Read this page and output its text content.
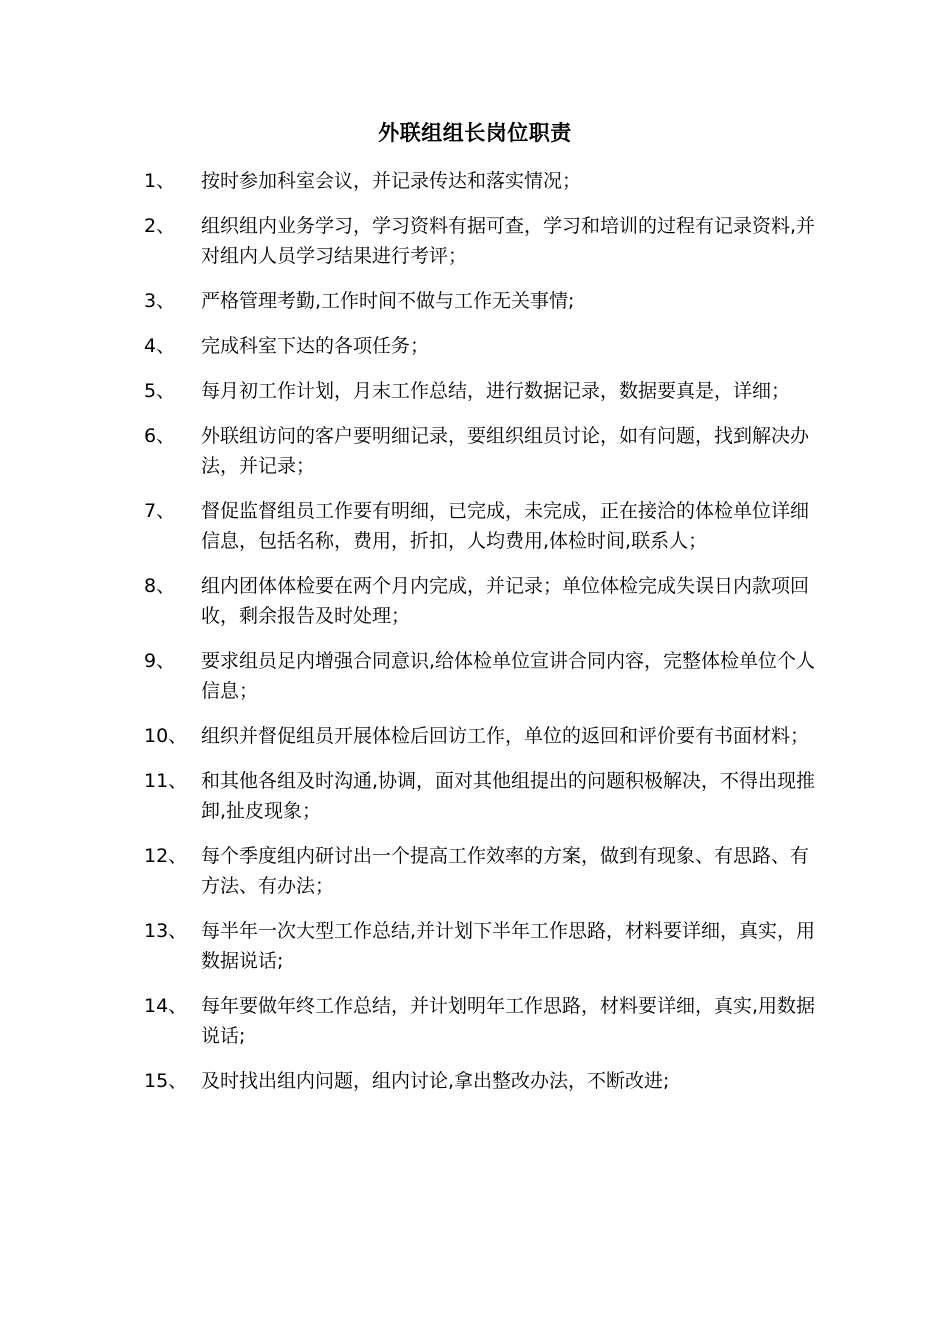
外联组组长岗位职责
1、	按时参加科室会议，并记录传达和落实情况；
2、	组织组内业务学习，学习资料有据可查，学习和培训的过程有记录资料,并对组内人员学习结果进行考评；
3、	严格管理考勤,工作时间不做与工作无关事情;
4、	完成科室下达的各项任务；
5、	每月初工作计划，月末工作总结，进行数据记录，数据要真是，详细；
6、	外联组访问的客户要明细记录，要组织组员讨论，如有问题，找到解决办法，并记录；
7、	督促监督组员工作要有明细，已完成，未完成，正在接洽的体检单位详细信息，包括名称，费用，折扣，人均费用,体检时间,联系人；
8、	组内团体体检要在两个月内完成，并记录；单位体检完成失误日内款项回收，剩余报告及时处理；
9、	要求组员足内增强合同意识,给体检单位宣讲合同内容，完整体检单位个人信息；
10、 组织并督促组员开展体检后回访工作，单位的返回和评价要有书面材料；
11、 和其他各组及时沟通,协调，面对其他组提出的问题积极解决，不得出现推卸,扯皮现象；
12、 每个季度组内研讨出一个提高工作效率的方案，做到有现象、有思路、有方法、有办法；
13、 每半年一次大型工作总结,并计划下半年工作思路，材料要详细，真实，用数据说话;
14、 每年要做年终工作总结，并计划明年工作思路，材料要详细，真实,用数据说话;
15、 及时找出组内问题，组内讨论,拿出整改办法，不断改进;
